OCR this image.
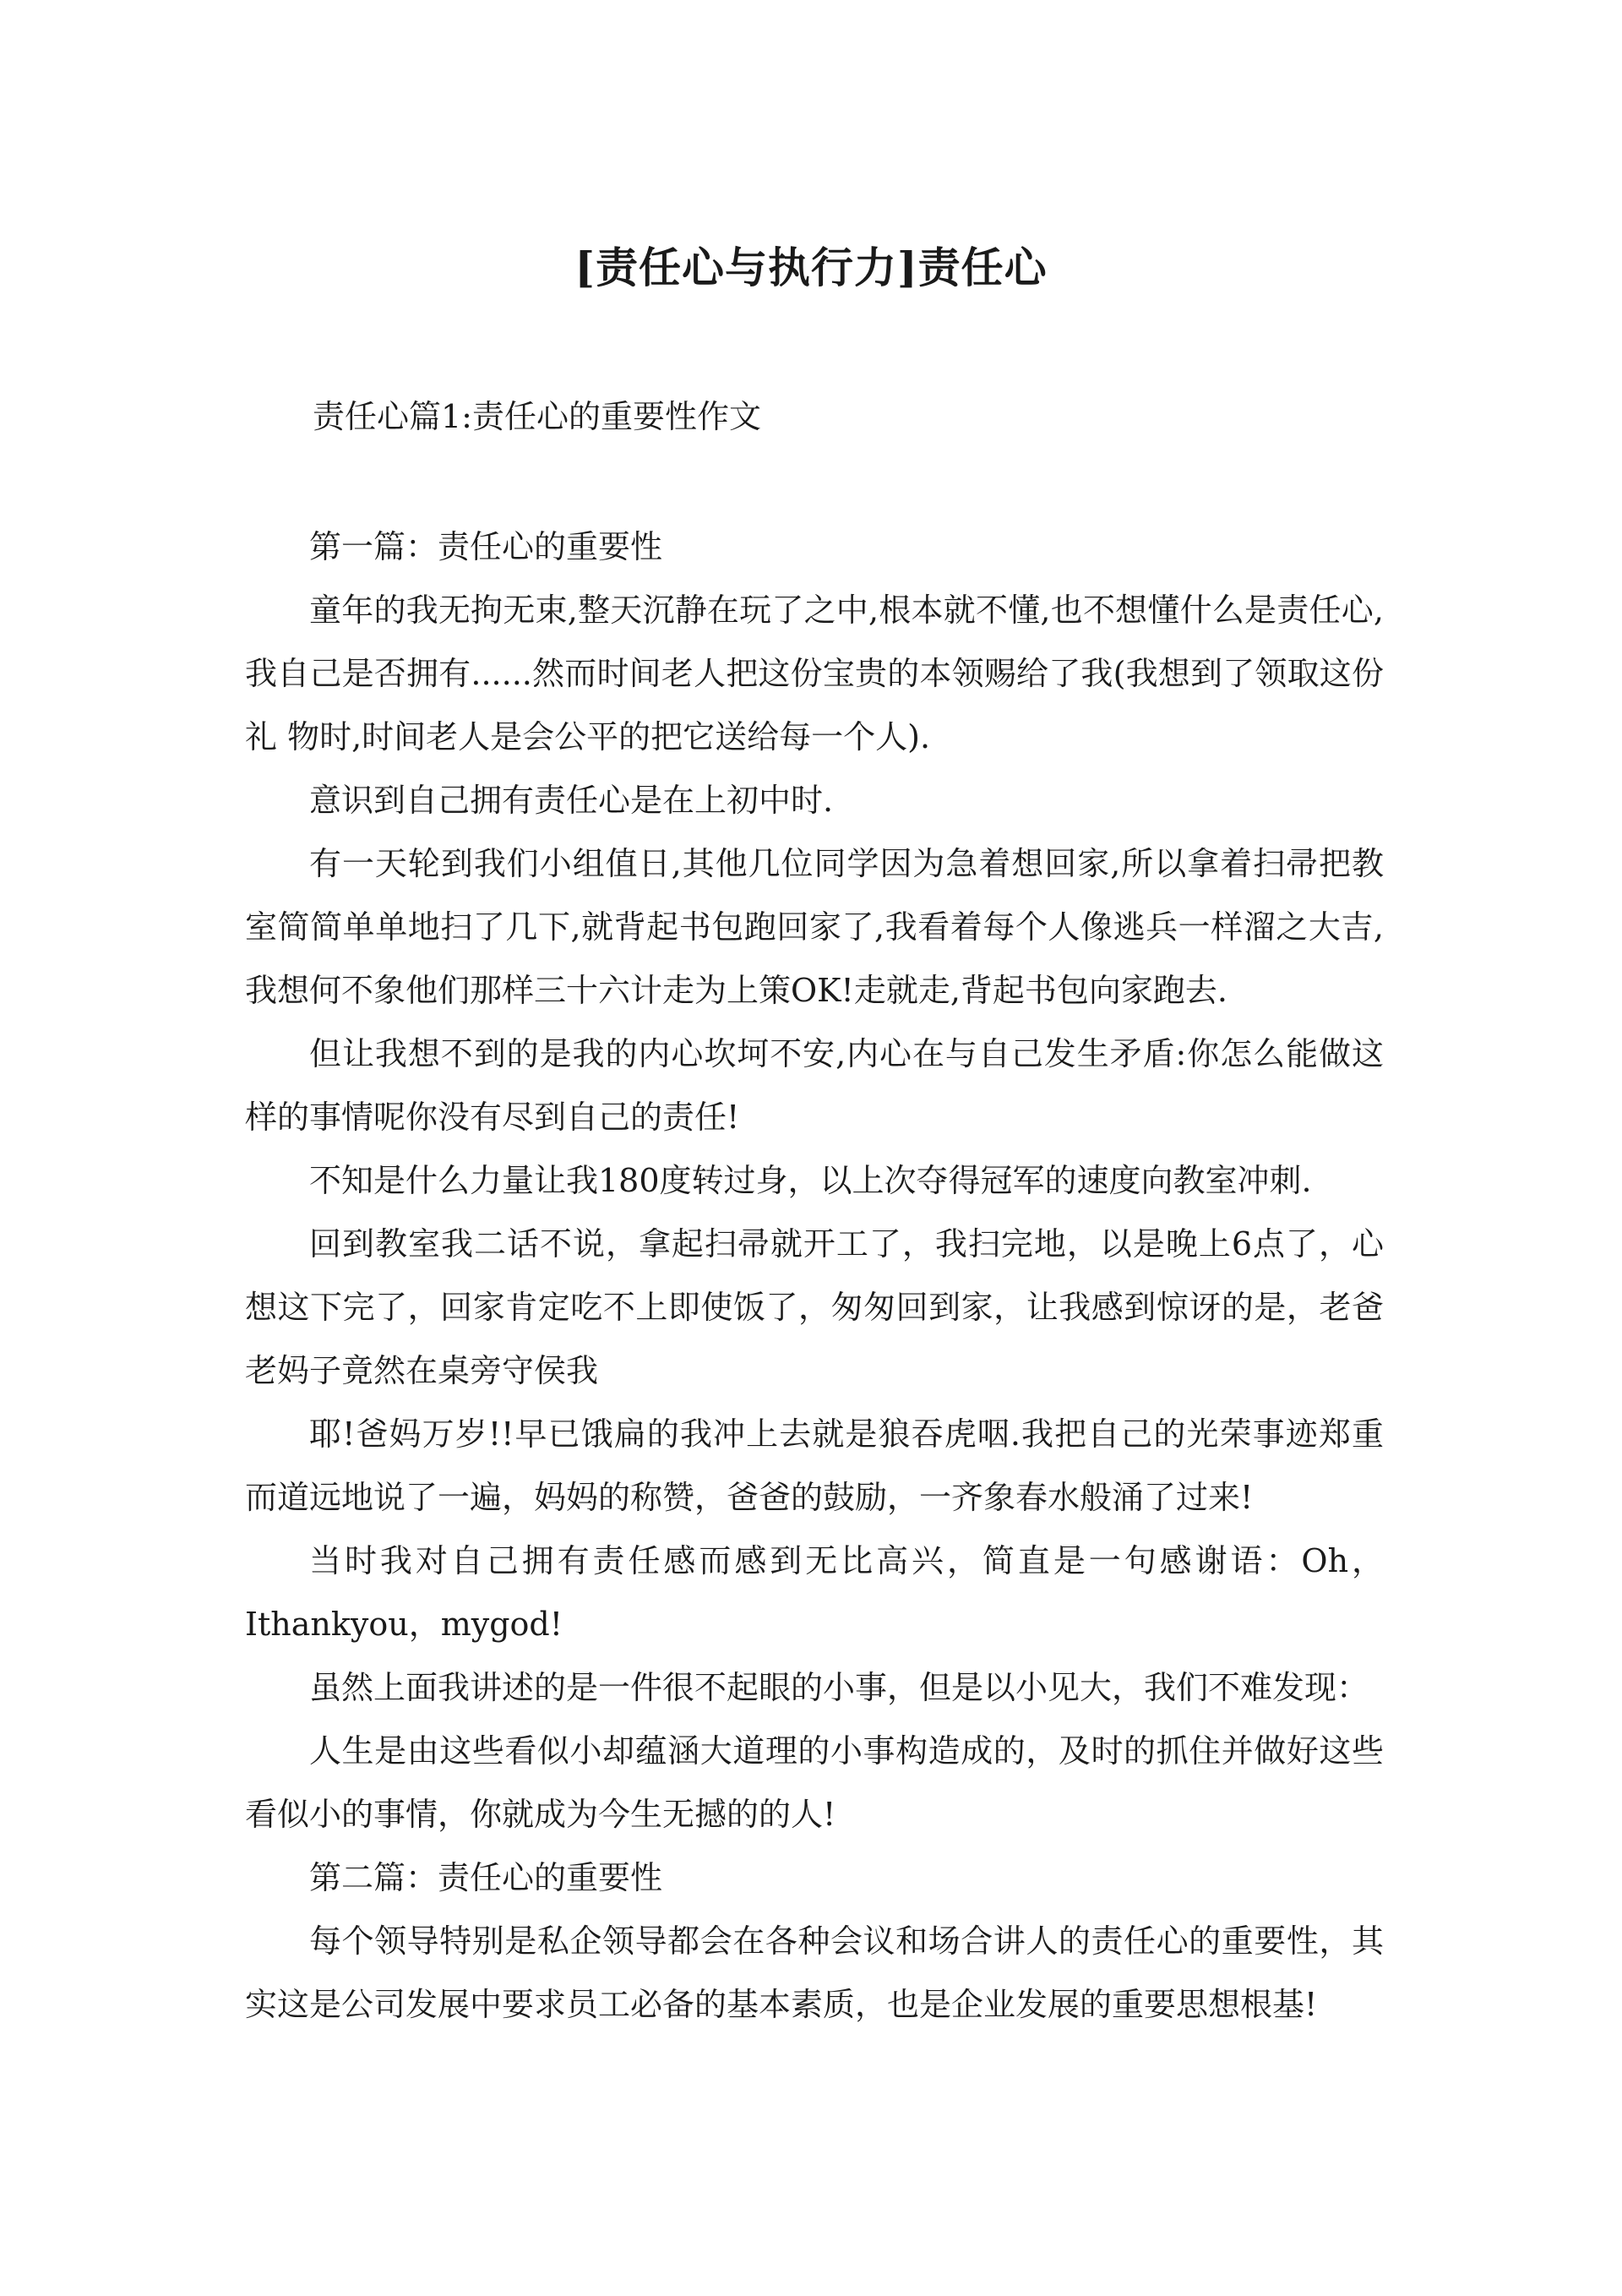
[责任心与执行力]责任心
责任心篇1:责任心的重要性作文

第一篇：责任心的重要性

童年的我无拘无束,整天沉静在玩了之中,根本就不懂,也不想懂什么是责任心,我自己是否拥有......然而时间老人把这份宝贵的本领赐给了我(我想到了领取这份礼 物时,时间老人是会公平的把它送给每一个人).

意识到自己拥有责任心是在上初中时.

有一天轮到我们小组值日,其他几位同学因为急着想回家,所以拿着扫帚把教室简简单单地扫了几下,就背起书包跑回家了,我看着每个人像逃兵一样溜之大吉,我想何不象他们那样三十六计走为上策OK!走就走,背起书包向家跑去.

但让我想不到的是我的内心坎坷不安,内心在与自己发生矛盾:你怎么能做这样的事情呢你没有尽到自己的责任!

不知是什么力量让我180度转过身，以上次夺得冠军的速度向教室冲刺.

回到教室我二话不说，拿起扫帚就开工了，我扫完地，以是晚上6点了，心想这下完了，回家肯定吃不上即使饭了，匆匆回到家，让我感到惊讶的是，老爸老妈子竟然在桌旁守侯我

耶!爸妈万岁!!早已饿扁的我冲上去就是狼吞虎咽.我把自己的光荣事迹郑重而道远地说了一遍，妈妈的称赞，爸爸的鼓励，一齐象春水般涌了过来!

当时我对自己拥有责任感而感到无比高兴，简直是一句感谢语：Oh，Ithankyou，mygod!

虽然上面我讲述的是一件很不起眼的小事，但是以小见大，我们不难发现：

人生是由这些看似小却蕴涵大道理的小事构造成的，及时的抓住并做好这些看似小的事情，你就成为今生无撼的的人!

第二篇：责任心的重要性

每个领导特别是私企领导都会在各种会议和场合讲人的责任心的重要性，其实这是公司发展中要求员工必备的基本素质，也是企业发展的重要思想根基!
